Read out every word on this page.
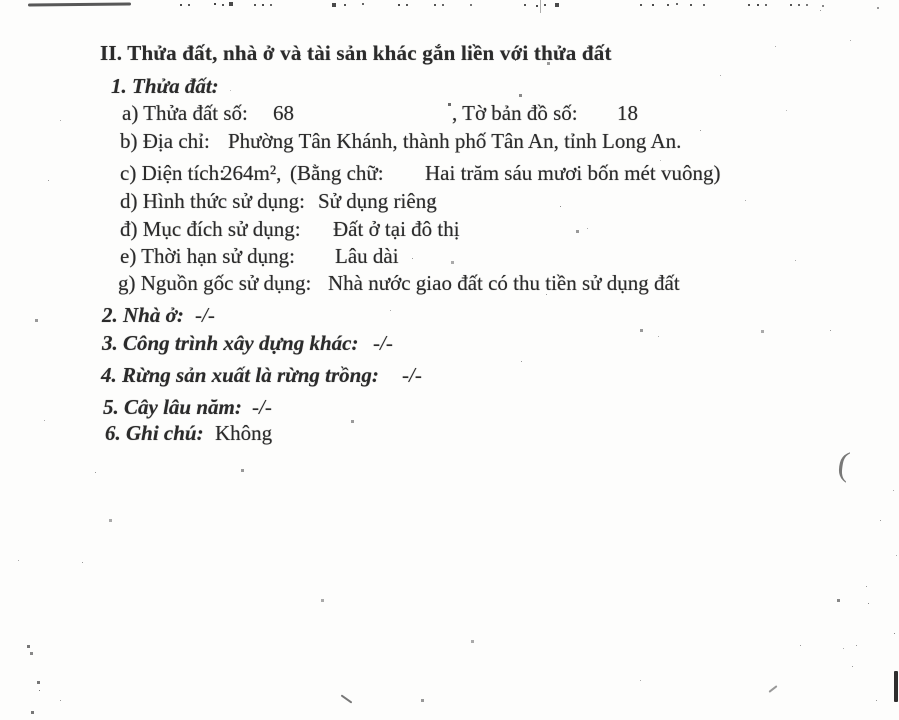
(
II. Thửa đất, nhà ở và tài sản khác gắn liền với thửa đất
1. Thửa đất:
a) Thửa đất số: 68	, Tờ bản đồ số: 18
b) Địa chỉ: Phường Tân Khánh, thành phố Tân An, tỉnh Long An.
c) Diện tích:
264m², (Bằng chữ: Hai trăm sáu mươi bốn mét vuông)
d) Hình thức sử dụng: Sử dụng riêng
đ) Mục đích sử dụng: Đất ở tại đô thị
e) Thời hạn sử dụng: Lâu dài
g) Nguồn gốc sử dụng: Nhà nước giao đất có thu tiền sử dụng đất
2. Nhà ở: -/-
3. Công trình xây dựng khác: -/-
4. Rừng sản xuất là rừng trồng: -/-
5. Cây lâu năm: -/-
6. Ghi chú: Không
